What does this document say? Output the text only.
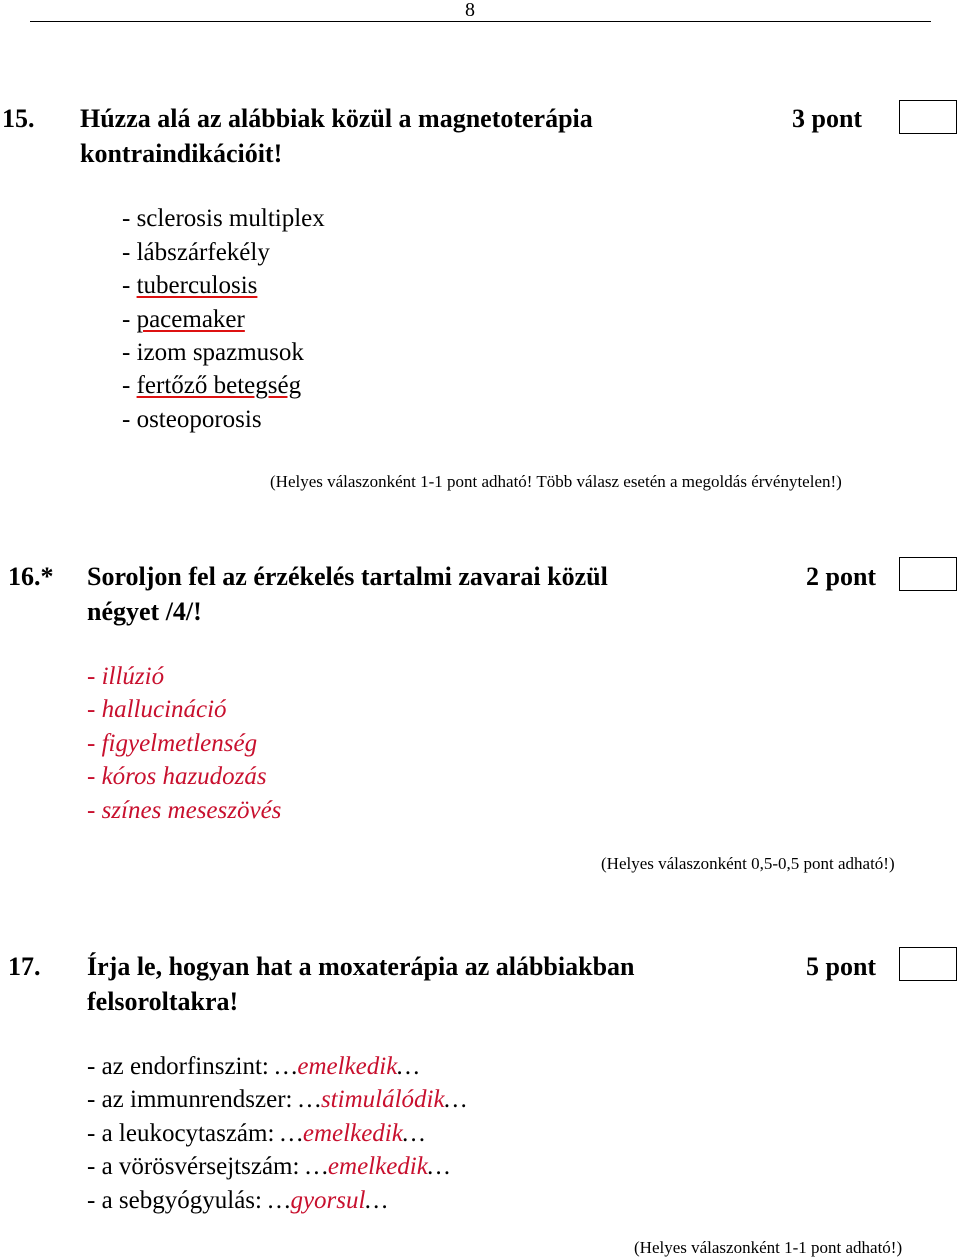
8
15. Húzza alá az alábbiak közül a magnetoterápia
kontraindikációit!
3 pont
- sclerosis multiplex
- lábszárfekély
- tuberculosis
- pacemaker
- izom spazmusok
- fertőző betegség
- osteoporosis
(Helyes válaszonként 1-1 pont adható! Több válasz esetén a megoldás érvénytelen!)
16.* Soroljon fel az érzékelés tartalmi zavarai közül
négyet /4/!
2 pont
- illúzió
- hallucináció
- figyelmetlenség
- kóros hazudozás
- színes meseszövés
(Helyes válaszonként 0,5-0,5 pont adható!)
17. Írja le, hogyan hat a moxaterápia az alábbiakban
felsoroltakra!
5 pont
- az endorfinszint: …emelkedik…
- az immunrendszer: …stimulálódik…
- a leukocytaszám: …emelkedik…
- a vörösvérsejtszám: …emelkedik…
- a sebgyógyulás: …gyorsul…
(Helyes válaszonként 1-1 pont adható!)
